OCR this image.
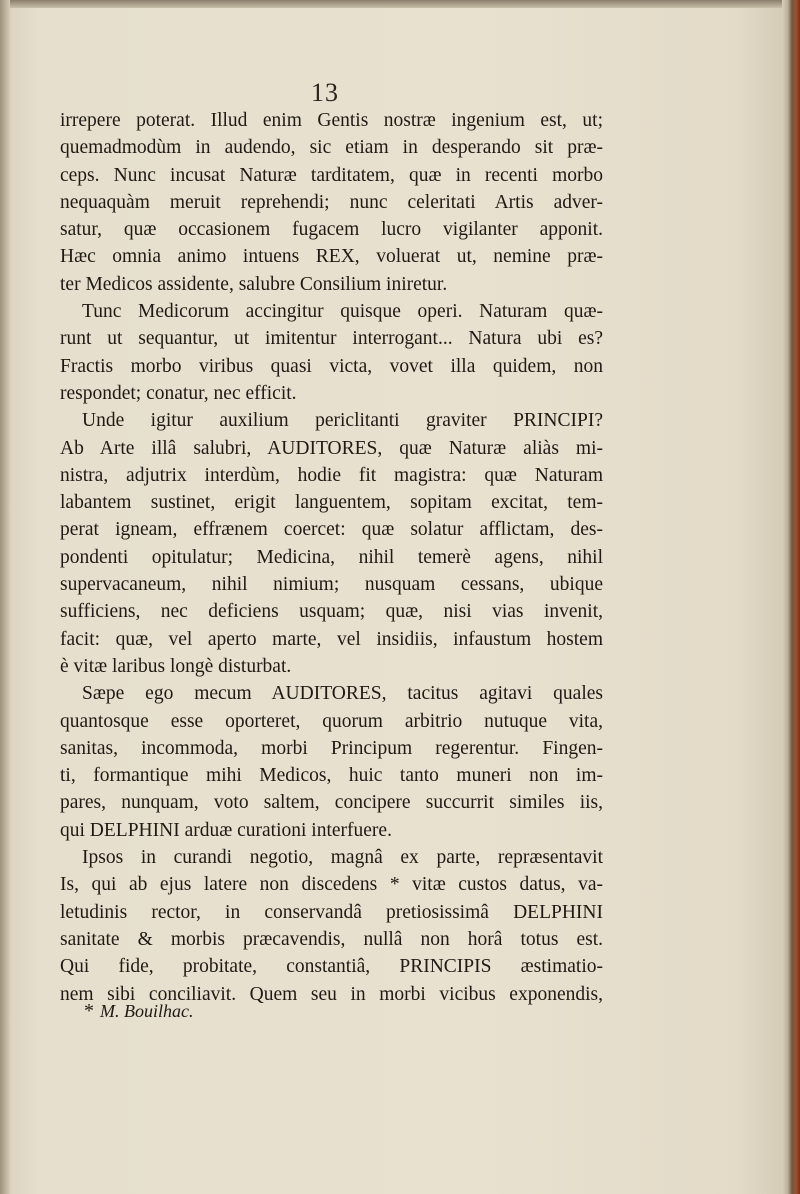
13
irrepere poterat. Illud enim Gentis nostræ ingenium est, ut;
quemadmodùm in audendo, sic etiam in desperando sit præ-
ceps. Nunc incusat Naturæ tarditatem, quæ in recenti morbo
nequaquàm meruit reprehendi; nunc celeritati Artis adver-
satur, quæ occasionem fugacem lucro vigilanter apponit.
Hæc omnia animo intuens REX, voluerat ut, nemine præ-
ter Medicos assidente, salubre Consilium iniretur.
Tunc Medicorum accingitur quisque operi. Naturam quæ-
runt ut sequantur, ut imitentur interrogant... Natura ubi es?
Fractis morbo viribus quasi victa, vovet illa quidem, non
respondet; conatur, nec efficit.
Unde igitur auxilium periclitanti graviter PRINCIPI?
Ab Arte illâ salubri, AUDITORES, quæ Naturæ aliàs mi-
nistra, adjutrix interdùm, hodie fit magistra: quæ Naturam
labantem sustinet, erigit languentem, sopitam excitat, tem-
perat igneam, effrænem coercet: quæ solatur afflictam, des-
pondenti opitulatur; Medicina, nihil temerè agens, nihil
supervacaneum, nihil nimium; nusquam cessans, ubique
sufficiens, nec deficiens usquam; quæ, nisi vias invenit,
facit: quæ, vel aperto marte, vel insidiis, infaustum hostem
è vitæ laribus longè disturbat.
Sæpe ego mecum AUDITORES, tacitus agitavi quales
quantosque esse oporteret, quorum arbitrio nutuque vita,
sanitas, incommoda, morbi Principum regerentur. Fingen-
ti, formantique mihi Medicos, huic tanto muneri non im-
pares, nunquam, voto saltem, concipere succurrit similes iis,
qui DELPHINI arduæ curationi interfuere.
Ipsos in curandi negotio, magnâ ex parte, repræsentavit
Is, qui ab ejus latere non discedens * vitæ custos datus, va-
letudinis rector, in conservandâ pretiosissimâ DELPHINI
sanitate & morbis præcavendis, nullâ non horâ totus est.
Qui fide, probitate, constantiâ, PRINCIPIS æstimatio-
nem sibi conciliavit. Quem seu in morbi vicibus exponendis,
* M. Bouilhac.
